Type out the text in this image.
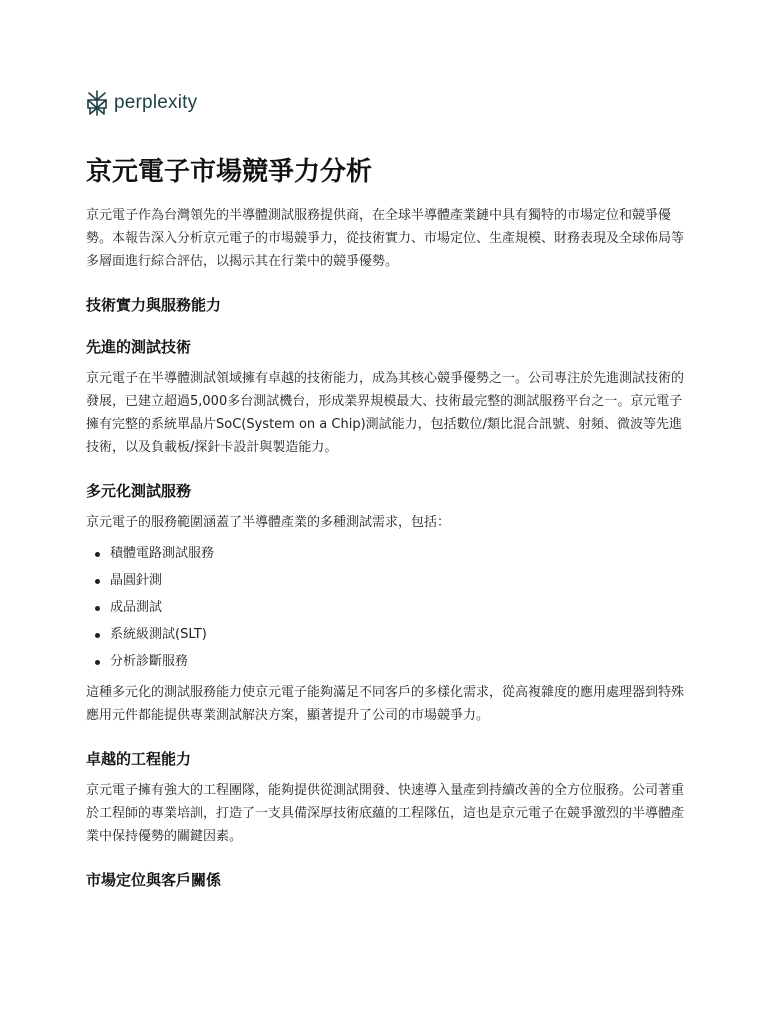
perplexity
京元電子市場競爭力分析

京元電子作為台灣領先的半導體測試服務提供商，在全球半導體產業鏈中具有獨特的市場定位和競爭優勢。本報告深入分析京元電子的市場競爭力，從技術實力、市場定位、生產規模、財務表現及全球佈局等多層面進行綜合評估，以揭示其在行業中的競爭優勢。

技術實力與服務能力
先進的測試技術

京元電子在半導體測試領域擁有卓越的技術能力，成為其核心競爭優勢之一。公司專注於先進測試技術的發展，已建立超過5,000多台測試機台，形成業界規模最大、技術最完整的測試服務平台之一。京元電子擁有完整的系統單晶片SoC(System on a Chip)測試能力，包括數位/類比混合訊號、射頻、微波等先進技術，以及負載板/探針卡設計與製造能力。

多元化測試服務

京元電子的服務範圍涵蓋了半導體產業的多種測試需求，包括：

積體電路測試服務
晶圓針測
成品測試
系統級測試(SLT)
分析診斷服務

這種多元化的測試服務能力使京元電子能夠滿足不同客戶的多樣化需求，從高複雜度的應用處理器到特殊應用元件都能提供專業測試解決方案，顯著提升了公司的市場競爭力。

卓越的工程能力

京元電子擁有強大的工程團隊，能夠提供從測試開發、快速導入量產到持續改善的全方位服務。公司著重於工程師的專業培訓，打造了一支具備深厚技術底蘊的工程隊伍，這也是京元電子在競爭激烈的半導體產業中保持優勢的關鍵因素。

市場定位與客戶關係
